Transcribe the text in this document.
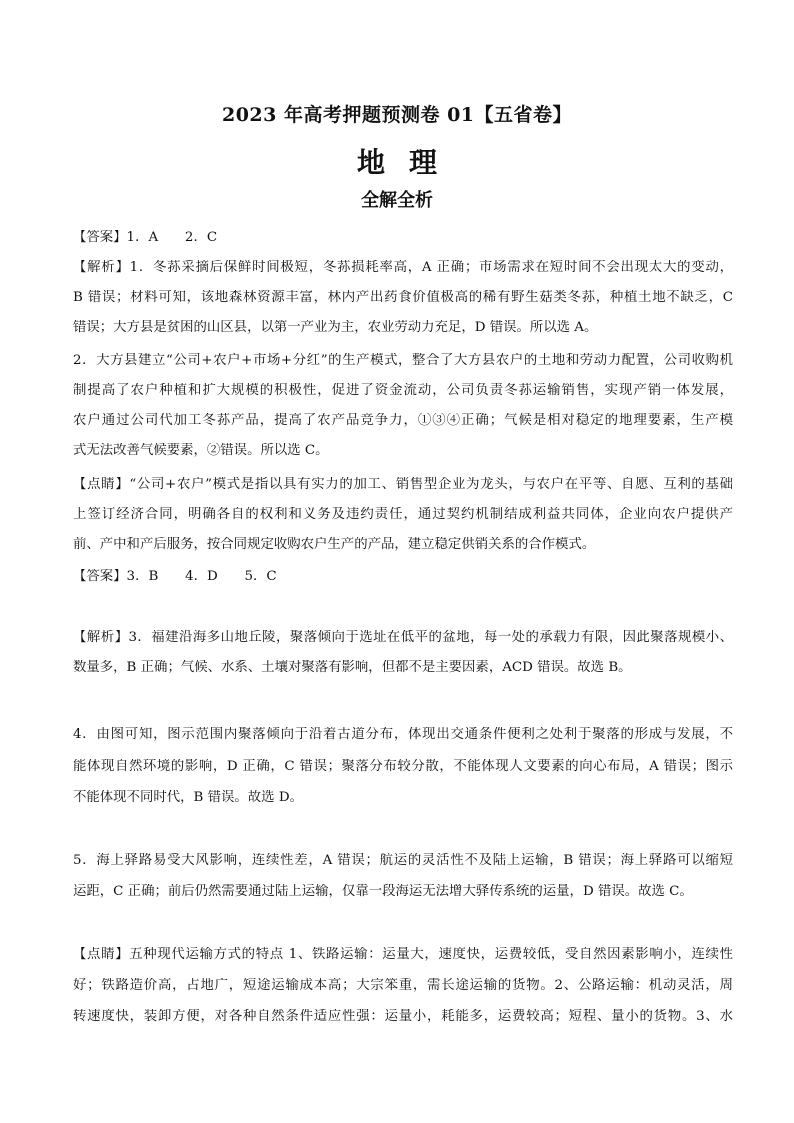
2023 年高考押题预测卷 01【五省卷】
地理
全解全析
【答案】1．A　　2．C
【解析】1．冬荪采摘后保鲜时间极短，冬荪损耗率高，A 正确；市场需求在短时间不会出现太大的变动，
B 错误；材料可知，该地森林资源丰富，林内产出药食价值极高的稀有野生菇类冬荪，种植土地不缺乏，C
错误；大方县是贫困的山区县，以第一产业为主，农业劳动力充足，D 错误。所以选 A。
2．大方县建立“公司+农户+市场+分红”的生产模式，整合了大方县农户的土地和劳动力配置，公司收购机
制提高了农户种植和扩大规模的积极性，促进了资金流动，公司负责冬荪运输销售，实现产销一体发展，
农户通过公司代加工冬荪产品，提高了农产品竞争力，①③④正确；气候是相对稳定的地理要素，生产模
式无法改善气候要素，②错误。所以选 C。
【点睛】“公司+农户”模式是指以具有实力的加工、销售型企业为龙头，与农户在平等、自愿、互利的基础
上签订经济合同，明确各自的权利和义务及违约责任，通过契约机制结成利益共同体，企业向农户提供产
前、产中和产后服务，按合同规定收购农户生产的产品，建立稳定供销关系的合作模式。
【答案】3．B　　4．D　　5．C
【解析】3．福建沿海多山地丘陵，聚落倾向于选址在低平的盆地，每一处的承载力有限，因此聚落规模小、
数量多，B 正确；气候、水系、土壤对聚落有影响，但都不是主要因素，ACD 错误。故选 B。
4．由图可知，图示范围内聚落倾向于沿着古道分布，体现出交通条件便利之处利于聚落的形成与发展，不
能体现自然环境的影响，D 正确，C 错误；聚落分布较分散，不能体现人文要素的向心布局，A 错误；图示
不能体现不同时代，B 错误。故选 D。
5．海上驿路易受大风影响，连续性差，A 错误；航运的灵活性不及陆上运输，B 错误；海上驿路可以缩短
运距，C 正确；前后仍然需要通过陆上运输，仅靠一段海运无法增大驿传系统的运量，D 错误。故选 C。
【点睛】五种现代运输方式的特点 1、铁路运输：运量大，速度快，运费较低，受自然因素影响小，连续性
好；铁路造价高，占地广，短途运输成本高；大宗笨重，需长途运输的货物。2、公路运输：机动灵活，周
转速度快，装卸方便，对各种自然条件适应性强：运量小，耗能多，运费较高；短程、量小的货物。3、水
